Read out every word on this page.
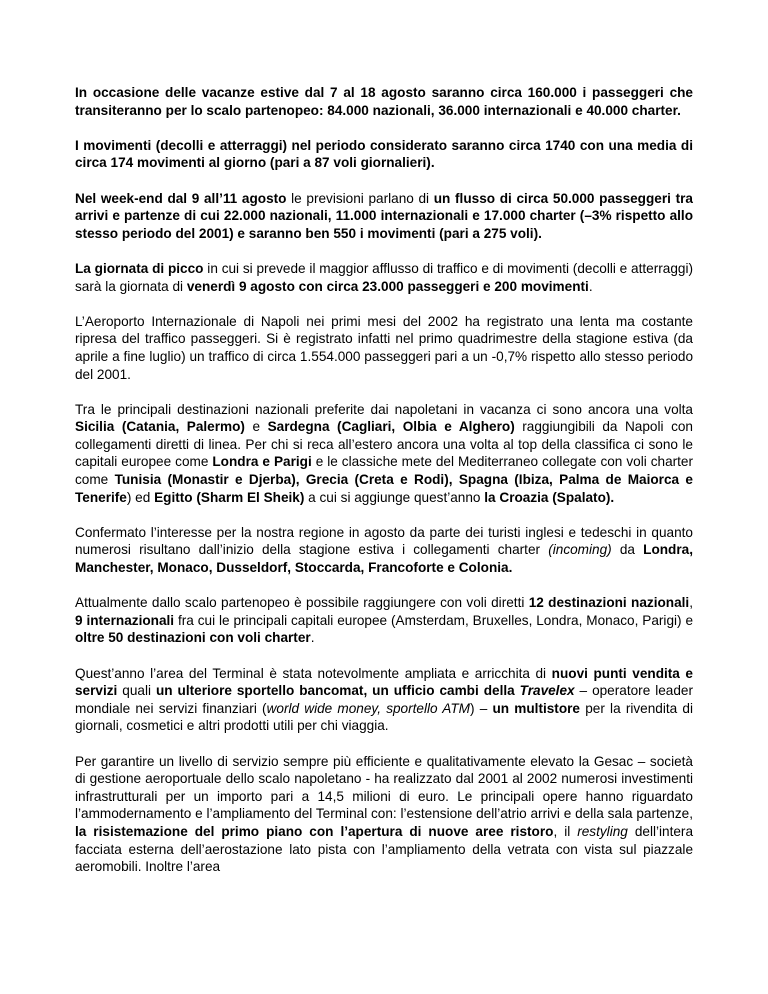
In occasione delle vacanze estive dal 7 al 18 agosto saranno circa 160.000 i passeggeri che transiteranno per lo scalo partenopeo: 84.000 nazionali, 36.000 internazionali e 40.000 charter.

I movimenti (decolli e atterraggi) nel periodo considerato saranno circa 1740 con una media di circa 174 movimenti al giorno (pari a 87 voli giornalieri).

Nel week-end dal 9 all’11 agosto le previsioni parlano di un flusso di circa 50.000 passeggeri tra arrivi e partenze di cui 22.000 nazionali, 11.000 internazionali e 17.000 charter (–3% rispetto allo stesso periodo del 2001) e saranno ben 550 i movimenti (pari a 275 voli).

La giornata di picco in cui si prevede il maggior afflusso di traffico e di movimenti (decolli e atterraggi) sarà la giornata di venerdì 9 agosto con circa 23.000 passeggeri e 200 movimenti.

L’Aeroporto Internazionale di Napoli nei primi mesi del 2002 ha registrato una lenta ma costante ripresa del traffico passeggeri. Si è registrato infatti nel primo quadrimestre della stagione estiva (da aprile a fine luglio) un traffico di circa 1.554.000 passeggeri pari a un -0,7% rispetto allo stesso periodo del 2001.

Tra le principali destinazioni nazionali preferite dai napoletani in vacanza ci sono ancora una volta Sicilia (Catania, Palermo) e Sardegna (Cagliari, Olbia e Alghero) raggiungibili da Napoli con collegamenti diretti di linea. Per chi si reca all’estero ancora una volta al top della classifica ci sono le capitali europee come Londra e Parigi e le classiche mete del Mediterraneo collegate con voli charter come Tunisia (Monastir e Djerba), Grecia (Creta e Rodi), Spagna (Ibiza, Palma de Maiorca e Tenerife) ed Egitto (Sharm El Sheik) a cui si aggiunge quest’anno la Croazia (Spalato).

Confermato l’interesse per la nostra regione in agosto da parte dei turisti inglesi e tedeschi in quanto numerosi risultano dall’inizio della stagione estiva i collegamenti charter (incoming) da Londra, Manchester, Monaco, Dusseldorf, Stoccarda, Francoforte e Colonia.

Attualmente dallo scalo partenopeo è possibile raggiungere con voli diretti 12 destinazioni nazionali, 9 internazionali fra cui le principali capitali europee (Amsterdam, Bruxelles, Londra, Monaco, Parigi) e oltre 50 destinazioni con voli charter.

Quest’anno l’area del Terminal è stata notevolmente ampliata e arricchita di nuovi punti vendita e servizi quali un ulteriore sportello bancomat, un ufficio cambi della Travelex – operatore leader mondiale nei servizi finanziari (world wide money, sportello ATM) – un multistore per la rivendita di giornali, cosmetici e altri prodotti utili per chi viaggia.

Per garantire un livello di servizio sempre più efficiente e qualitativamente elevato la Gesac – società di gestione aeroportuale dello scalo napoletano - ha realizzato dal 2001 al 2002 numerosi investimenti infrastrutturali per un importo pari a 14,5 milioni di euro. Le principali opere hanno riguardato l’ammodernamento e l’ampliamento del Terminal con: l’estensione dell’atrio arrivi e della sala partenze, la risistemazione del primo piano con l’apertura di nuove aree ristoro, il restyling dell’intera facciata esterna dell’aerostazione lato pista con l’ampliamento della vetrata con vista sul piazzale aeromobili. Inoltre l’area
